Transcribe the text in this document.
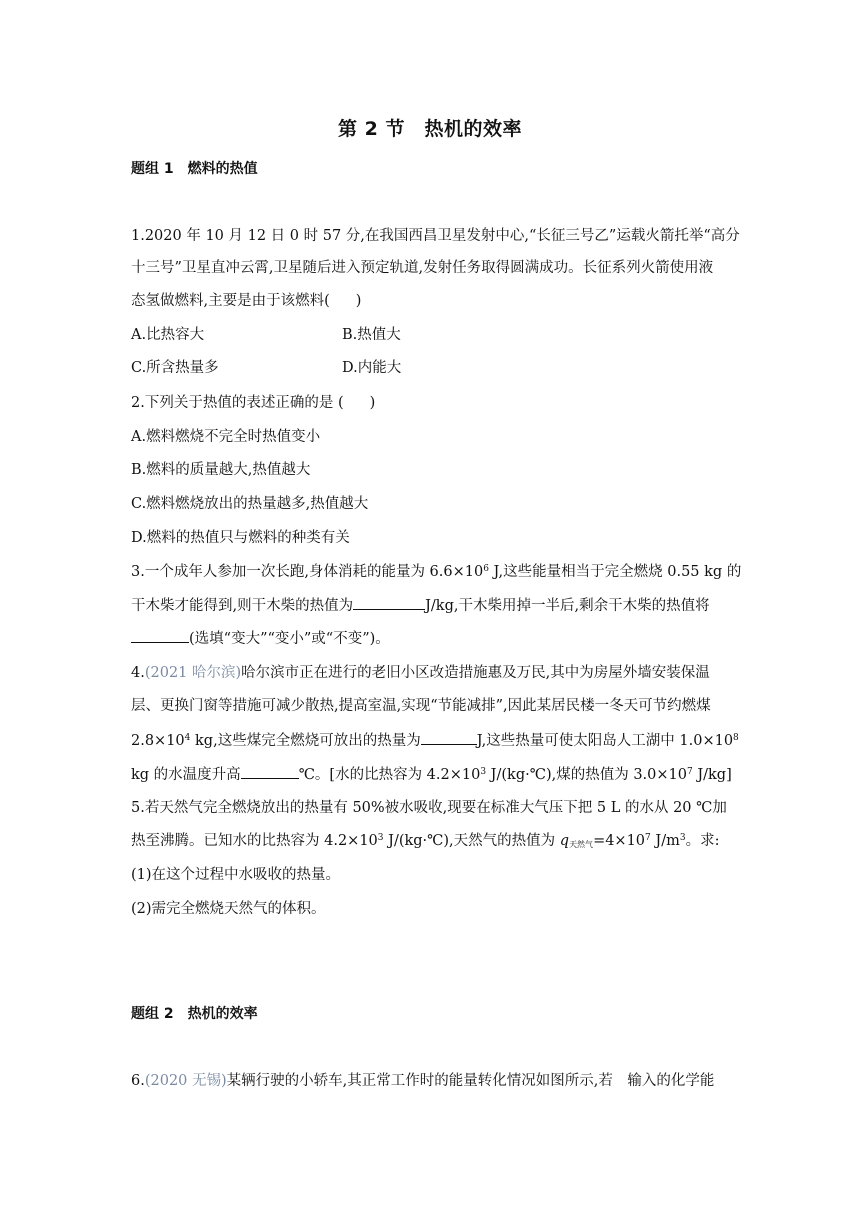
第 2 节　热机的效率
题组 1　燃料的热值
1.2020 年 10 月 12 日 0 时 57 分,在我国西昌卫星发射中心,“长征三号乙”运载火箭托举“高分
十三号”卫星直冲云霄,卫星随后进入预定轨道,发射任务取得圆满成功。长征系列火箭使用液
态氢做燃料,主要是由于该燃料( )
A.比热容大	B.热值大
C.所含热量多	D.内能大
2.下列关于热值的表述正确的是 ( )
A.燃料燃烧不完全时热值变小
B.燃料的质量越大,热值越大
C.燃料燃烧放出的热量越多,热值越大
D.燃料的热值只与燃料的种类有关
3.一个成年人参加一次长跑,身体消耗的能量为 $6.6\times 10^6$ J,这些能量相当于完全燃烧 0.55 kg 的
干木柴才能得到,则干木柴的热值为	J/kg,干木柴用掉一半后,剩余干木柴的热值将
(选填“变大”“变小”或“不变”)。
4.(2021 哈尔滨)哈尔滨市正在进行的老旧小区改造措施惠及万民,其中为房屋外墙安装保温
层、更换门窗等措施可减少散热,提高室温,实现“节能减排”,因此某居民楼一冬天可节约燃煤
$2.8\times 10^4$ kg,这些煤完全燃烧可放出的热量为	J,这些热量可使太阳岛人工湖中 $1.0\times 10^8$
kg 的水温度升高	℃。[水的比热容为 $4.2\times 10^3$ J/(kg·℃),煤的热值为 $3.0\times 10^7$ J/kg]
5.若天然气完全燃烧放出的热量有 50%被水吸收,现要在标准大气压下把 5 L 的水从 20 ℃加
热至沸腾。已知水的比热容为 $4.2\times 10^3$ J/(kg·℃),天然气的热值为 $q_{天然气}=4\times 10^7$ $J/m^3$。求:
(1)在这个过程中水吸收的热量。
(2)需完全燃烧天然气的体积。
题组 2　热机的效率
6.(2020 无锡)某辆行驶的小轿车,其正常工作时的能量转化情况如图所示,若　输入的化学能
